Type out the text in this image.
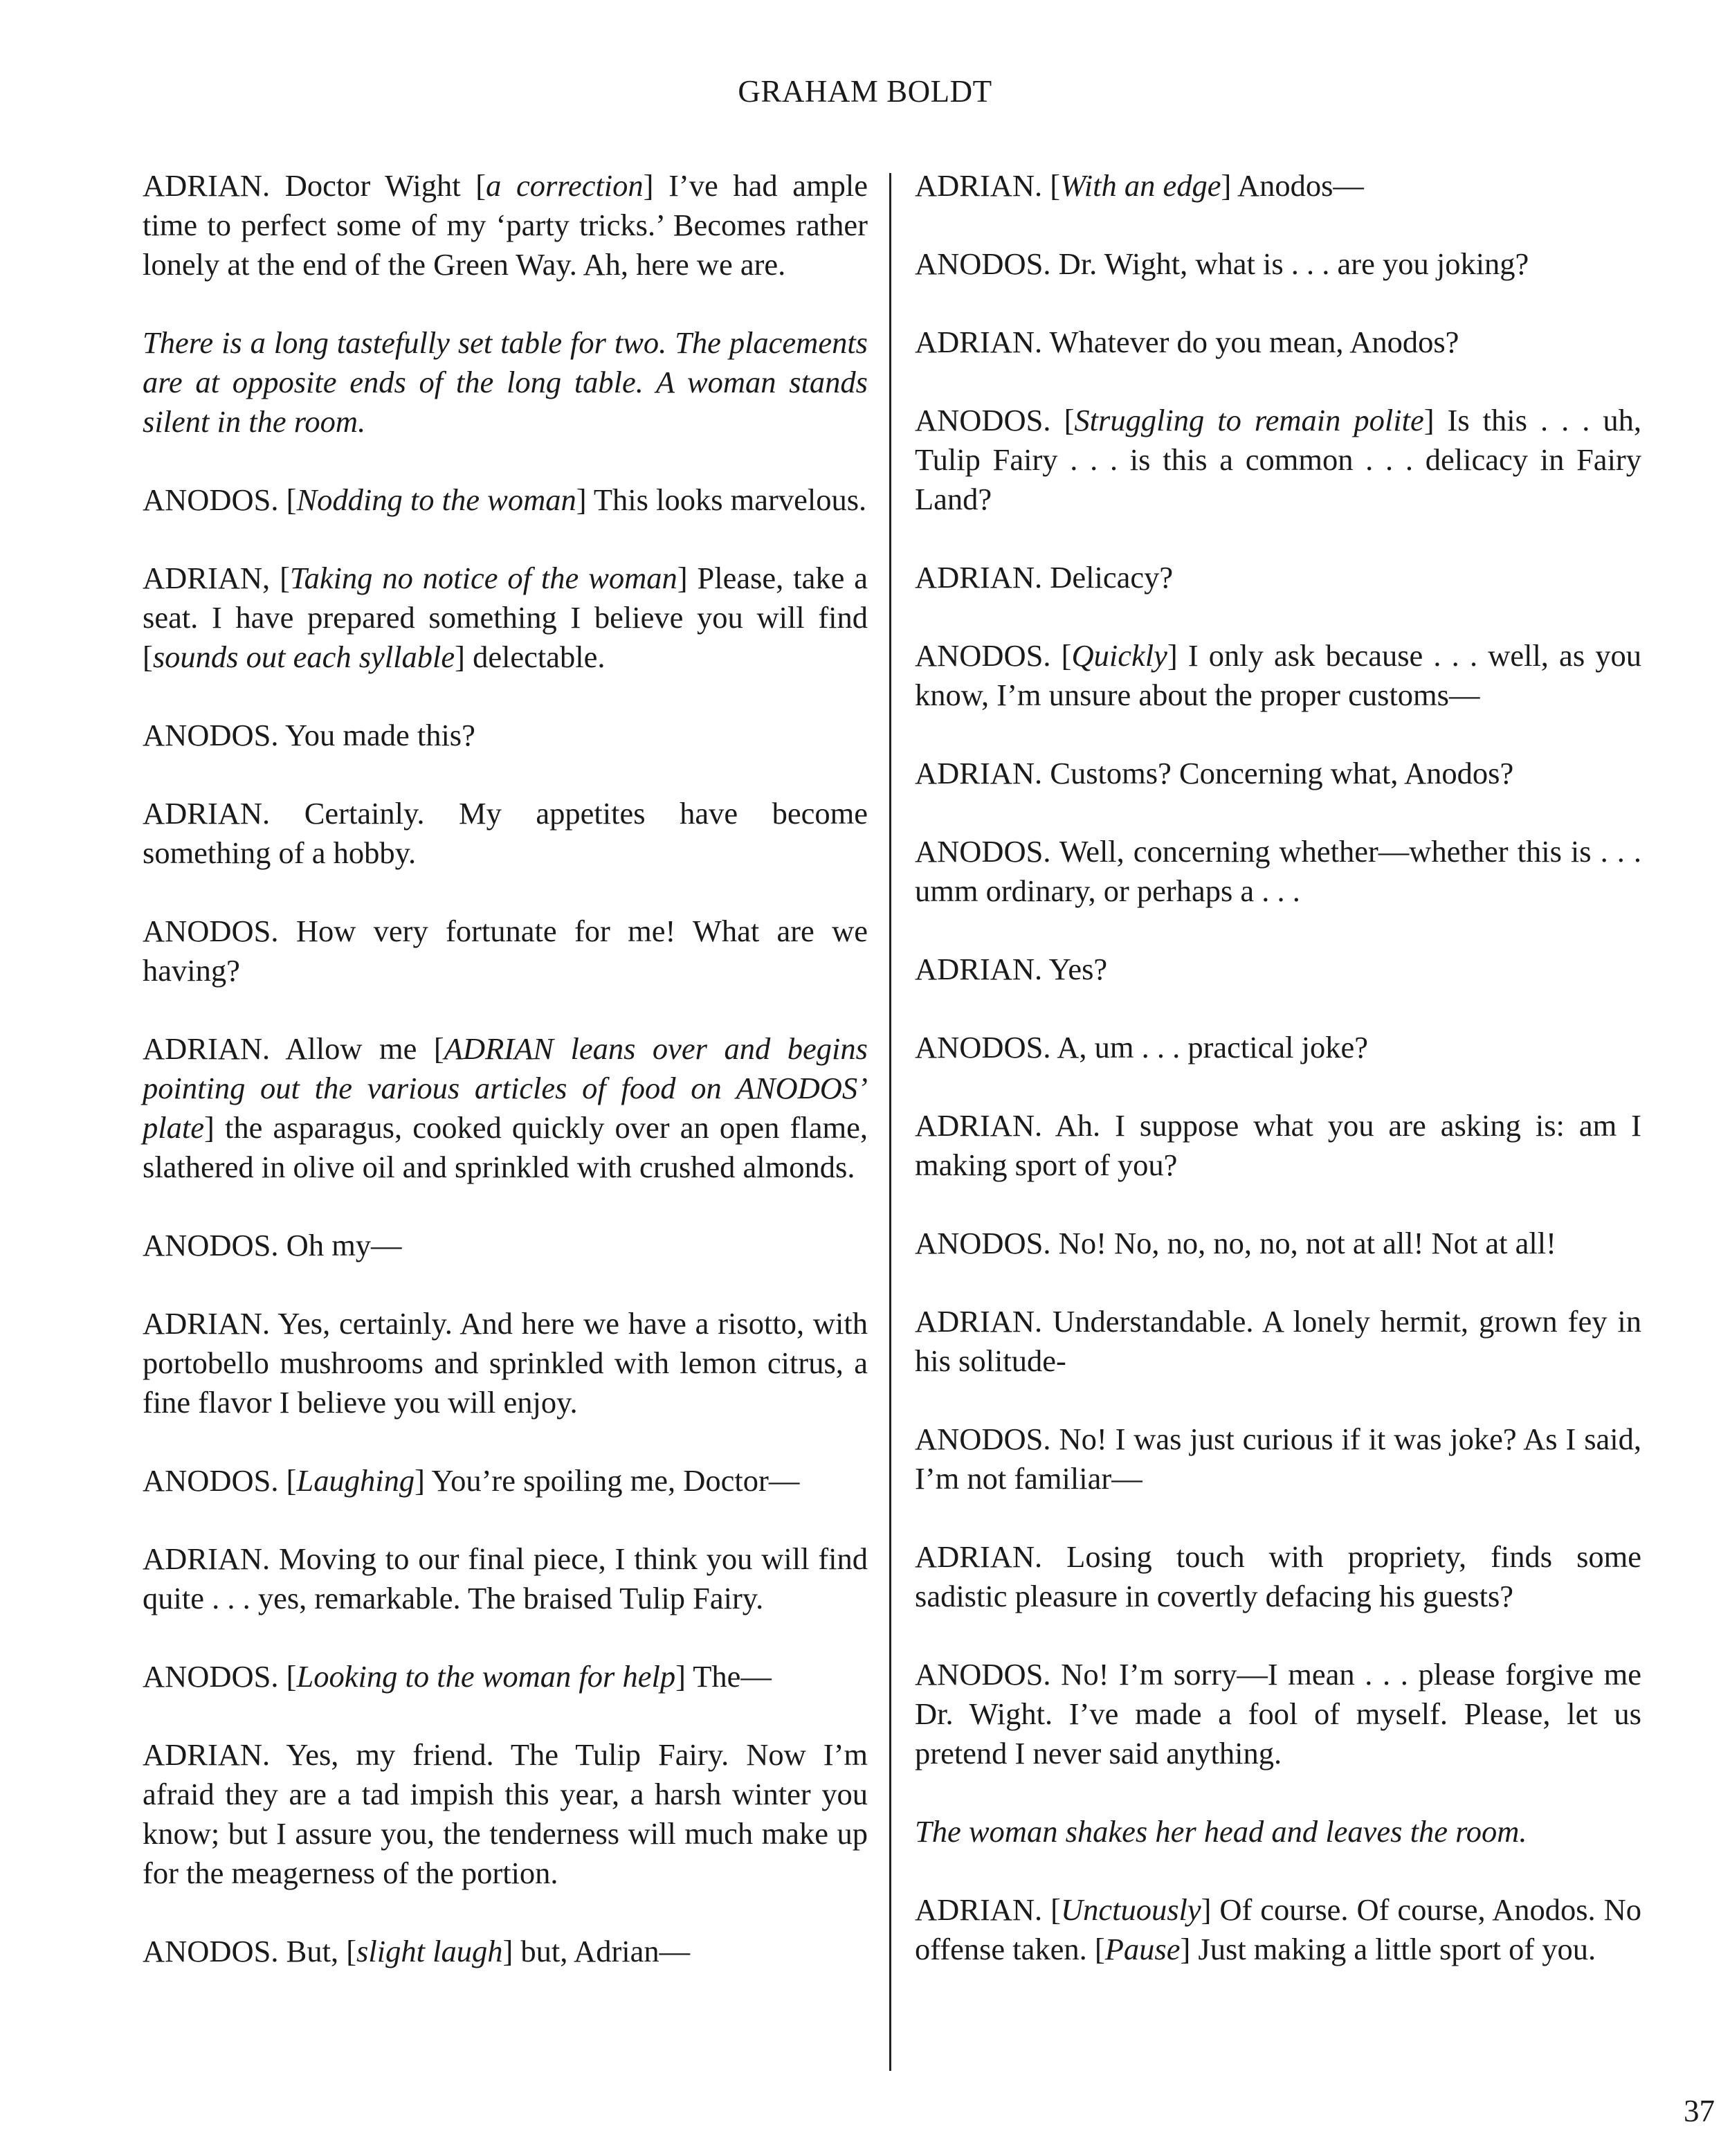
GRAHAM BOLDT

ADRIAN. Doctor Wight [a correction] I’ve had ample time to perfect some of my ‘party tricks.’ Becomes rather lonely at the end of the Green Way. Ah, here we are.

There is a long tastefully set table for two. The placements are at opposite ends of the long table. A woman stands silent in the room.

ANODOS. [Nodding to the woman] This looks marvelous.

ADRIAN, [Taking no notice of the woman] Please, take a seat. I have prepared something I believe you will find [sounds out each syllable] delectable.

ANODOS. You made this?

ADRIAN. Certainly. My appetites have become something of a hobby.

ANODOS. How very fortunate for me! What are we having?

ADRIAN. Allow me [ADRIAN leans over and begins pointing out the various articles of food on ANODOS’ plate] the asparagus, cooked quickly over an open flame, slathered in olive oil and sprinkled with crushed almonds.

ANODOS. Oh my—

ADRIAN. Yes, certainly. And here we have a risotto, with portobello mushrooms and sprinkled with lemon citrus, a fine flavor I believe you will enjoy.

ANODOS. [Laughing] You’re spoiling me, Doctor—

ADRIAN. Moving to our final piece, I think you will find quite . . . yes, remarkable. The braised Tulip Fairy.

ANODOS. [Looking to the woman for help] The—

ADRIAN. Yes, my friend. The Tulip Fairy. Now I’m afraid they are a tad impish this year, a harsh winter you know; but I assure you, the tenderness will much make up for the meagerness of the portion.

ANODOS. But, [slight laugh] but, Adrian—

ADRIAN. [With an edge] Anodos—

ANODOS. Dr. Wight, what is . . . are you joking?

ADRIAN. Whatever do you mean, Anodos?

ANODOS. [Struggling to remain polite] Is this . . . uh, Tulip Fairy . . . is this a common . . . delicacy in Fairy Land?

ADRIAN. Delicacy?

ANODOS. [Quickly] I only ask because . . . well, as you know, I’m unsure about the proper customs—

ADRIAN. Customs? Concerning what, Anodos?

ANODOS. Well, concerning whether—whether this is . . . umm ordinary, or perhaps a . . .

ADRIAN. Yes?

ANODOS. A, um . . . practical joke?

ADRIAN. Ah. I suppose what you are asking is: am I making sport of you?

ANODOS. No! No, no, no, no, not at all! Not at all!

ADRIAN. Understandable. A lonely hermit, grown fey in his solitude-

ANODOS. No! I was just curious if it was joke? As I said, I’m not familiar—

ADRIAN. Losing touch with propriety, finds some sadistic pleasure in covertly defacing his guests?

ANODOS. No! I’m sorry—I mean . . . please forgive me Dr. Wight. I’ve made a fool of myself. Please, let us pretend I never said anything.

The woman shakes her head and leaves the room.

ADRIAN. [Unctuously] Of course. Of course, Anodos. No offense taken. [Pause] Just making a little sport of you.

37
